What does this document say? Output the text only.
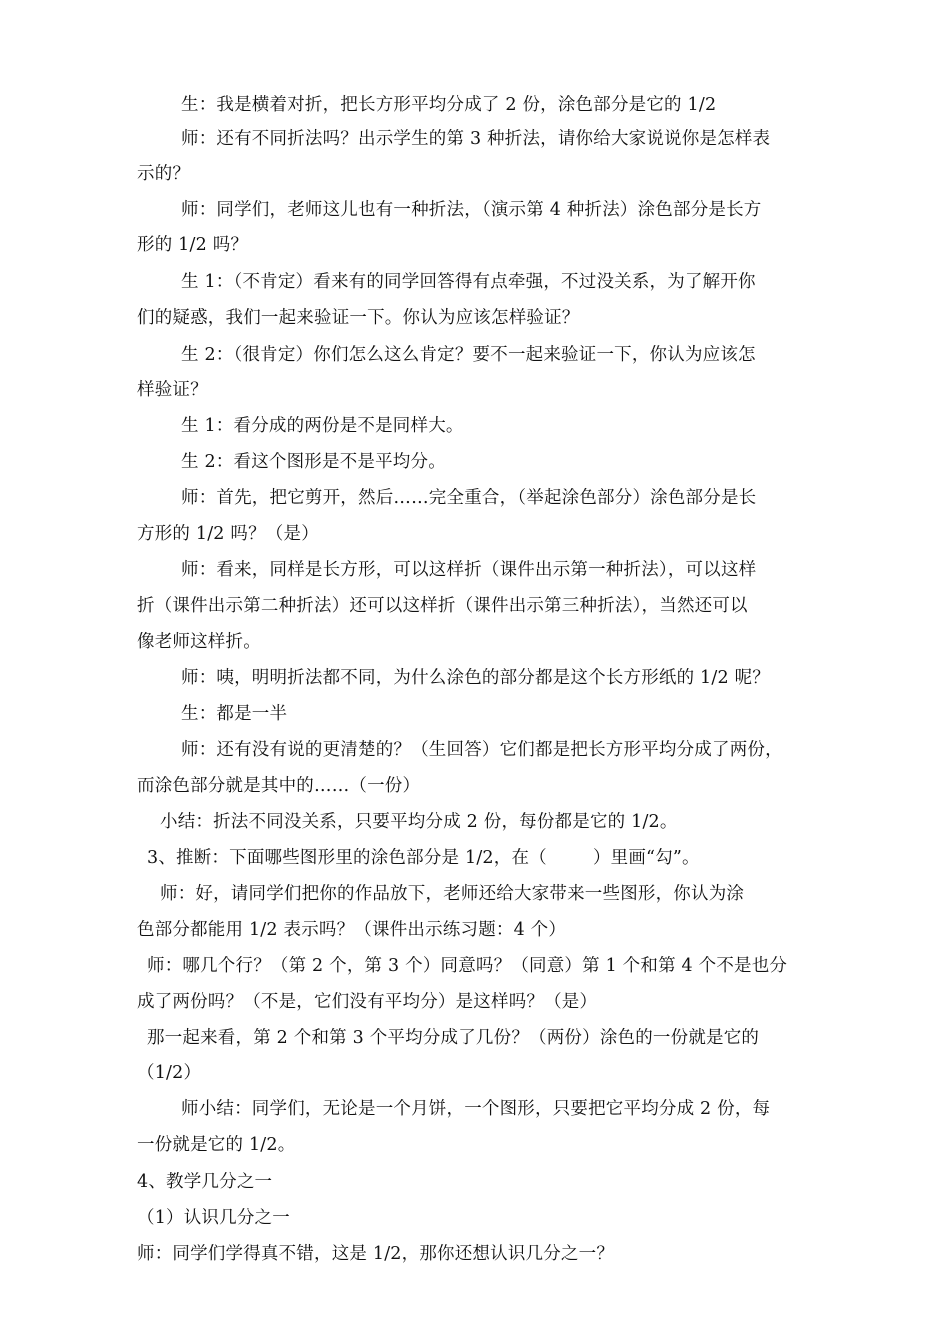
生：我是横着对折，把长方形平均分成了 2 份，涂色部分是它的 1/2
师：还有不同折法吗？出示学生的第 3 种折法，请你给大家说说你是怎样表
示的？
师：同学们，老师这儿也有一种折法，（演示第 4 种折法）涂色部分是长方
形的 1/2 吗？
生 1：（不肯定）看来有的同学回答得有点牵强，不过没关系，为了解开你
们的疑惑，我们一起来验证一下。你认为应该怎样验证？
生 2：（很肯定）你们怎么这么肯定？要不一起来验证一下，你认为应该怎
样验证？
生 1：看分成的两份是不是同样大。
生 2：看这个图形是不是平均分。
师：首先，把它剪开，然后……完全重合，（举起涂色部分）涂色部分是长
方形的 1/2 吗？（是）
师：看来，同样是长方形，可以这样折（课件出示第一种折法），可以这样
折（课件出示第二种折法）还可以这样折（课件出示第三种折法），当然还可以
像老师这样折。
师：咦，明明折法都不同，为什么涂色的部分都是这个长方形纸的 1/2 呢？
生：都是一半
师：还有没有说的更清楚的？（生回答）它们都是把长方形平均分成了两份，
而涂色部分就是其中的……（一份）
小结：折法不同没关系，只要平均分成 2 份，每份都是它的 1/2。
3、推断：下面哪些图形里的涂色部分是 1/2，在（        ）里画“勾”。
师：好，请同学们把你的作品放下，老师还给大家带来一些图形，你认为涂
色部分都能用 1/2 表示吗？（课件出示练习题：4 个）
师：哪几个行？（第 2 个，第 3 个）同意吗？（同意）第 1 个和第 4 个不是也分
成了两份吗？（不是，它们没有平均分）是这样吗？（是）
那一起来看，第 2 个和第 3 个平均分成了几份？（两份）涂色的一份就是它的
（1/2）
师小结：同学们，无论是一个月饼，一个图形，只要把它平均分成 2 份，每
一份就是它的 1/2。
4、教学几分之一
（1）认识几分之一
师：同学们学得真不错，这是 1/2，那你还想认识几分之一？
